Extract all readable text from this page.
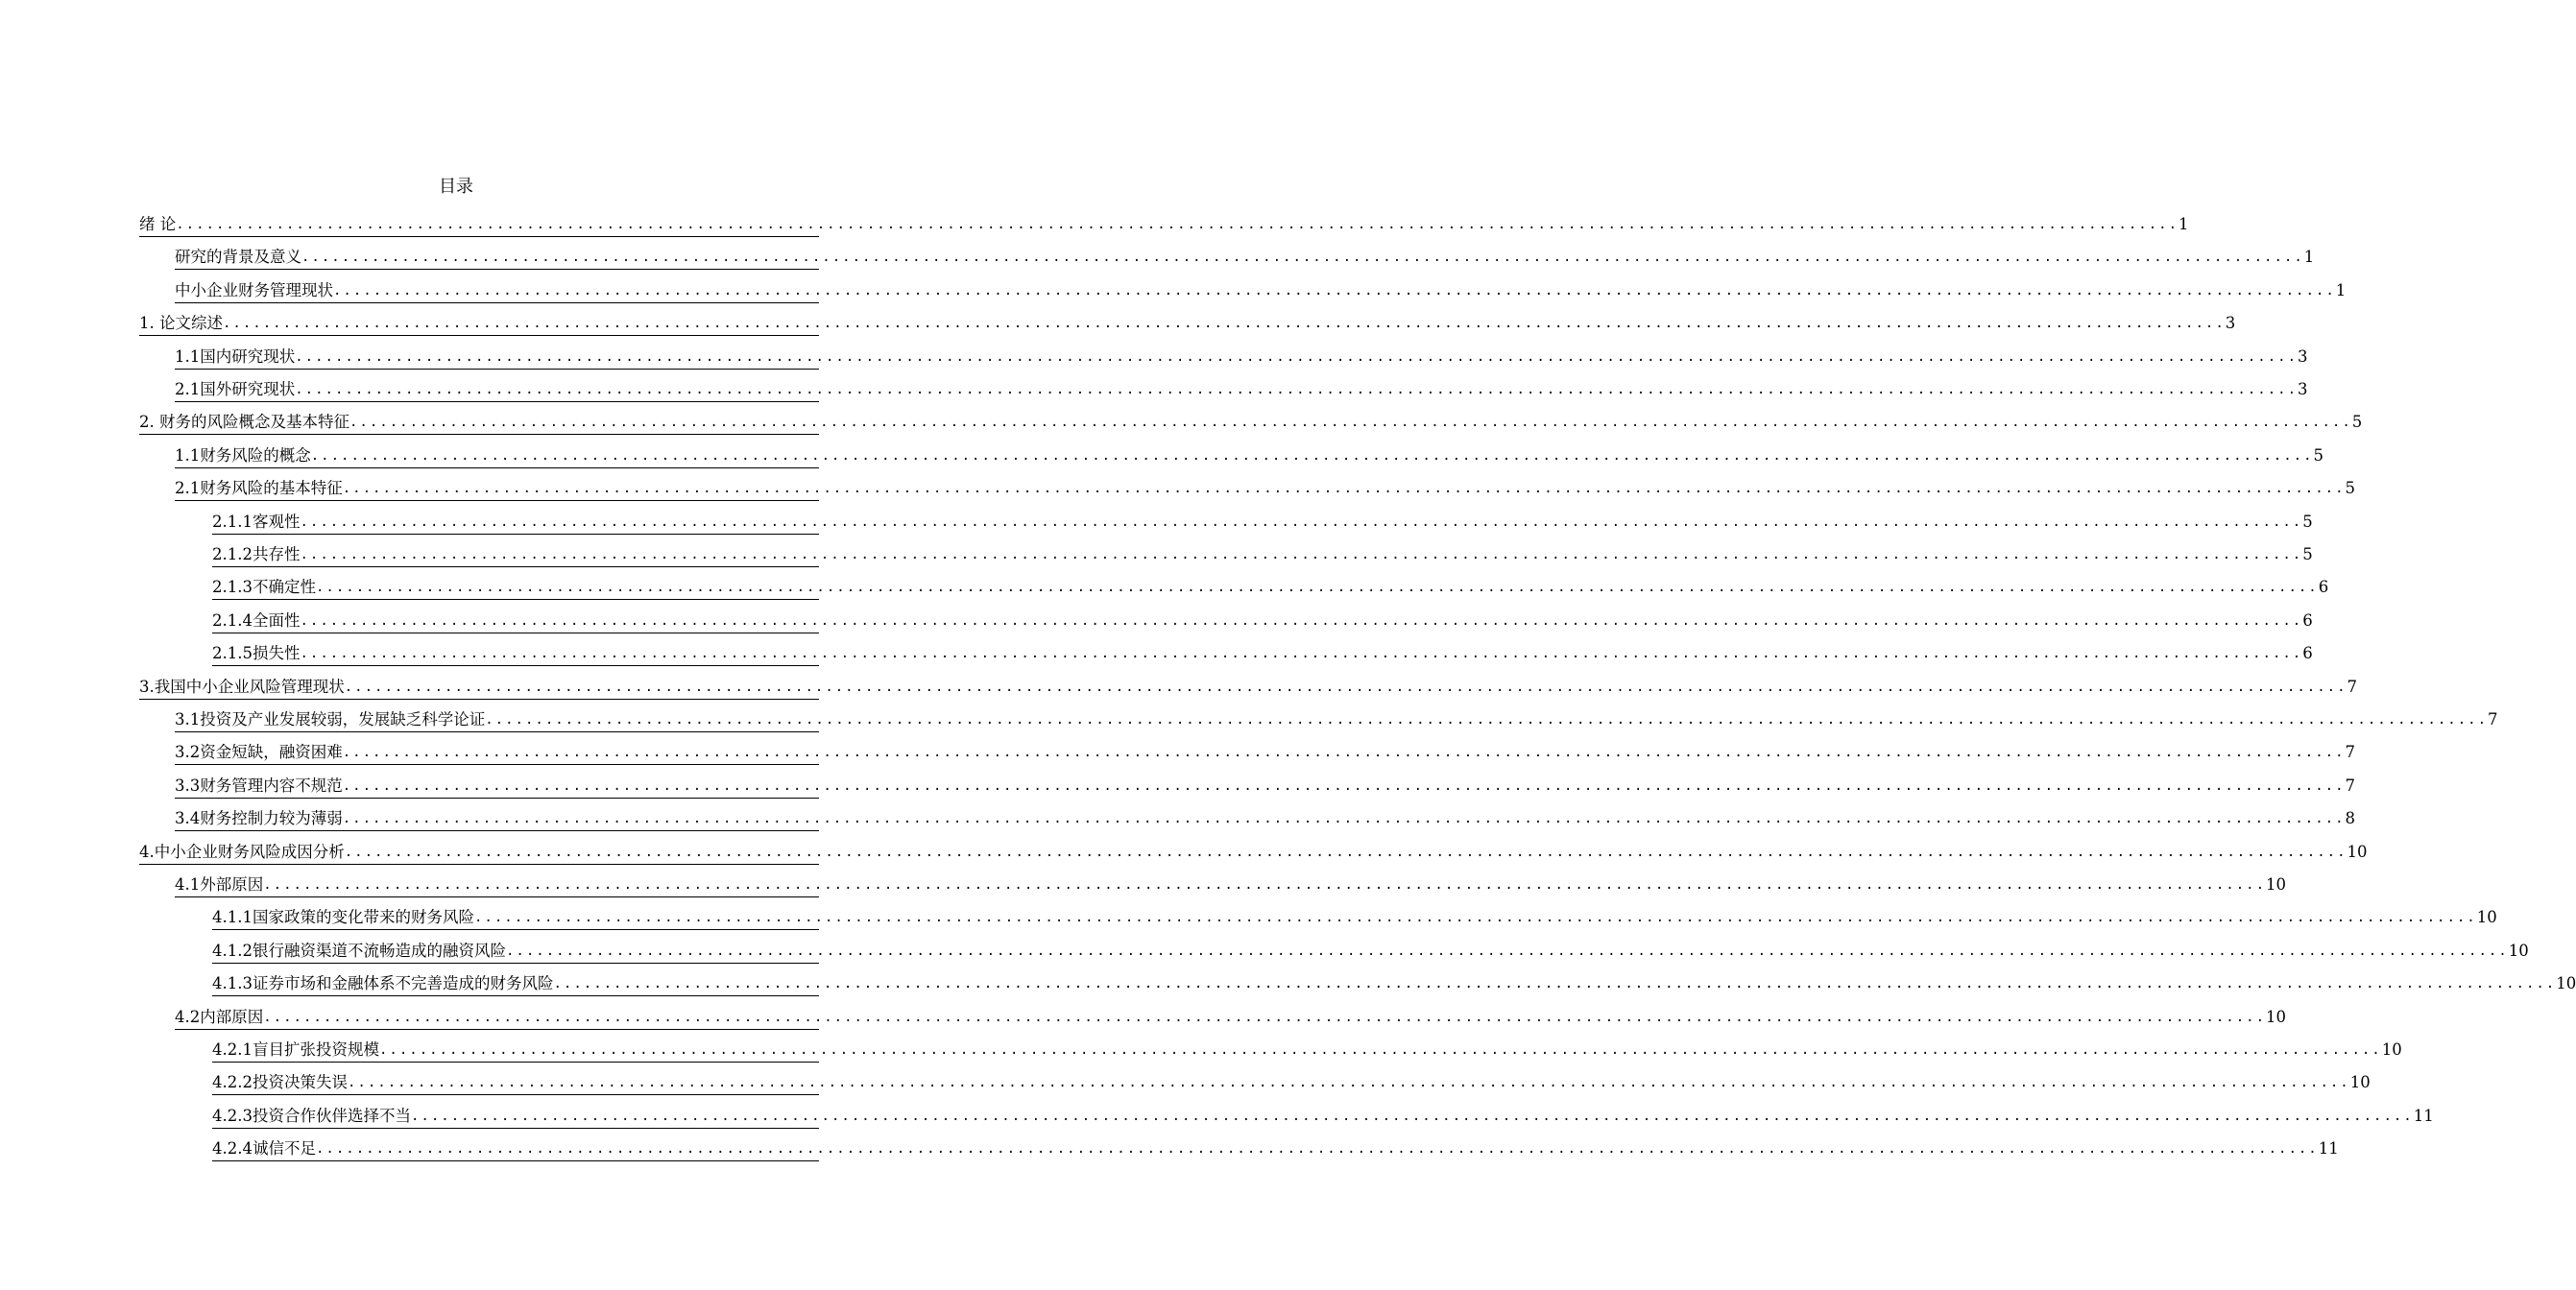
目录
绪 论 ........................................................................................................................................................................................................ 1
研究的背景及意义 ........................................................................................................................................................................................................ 1
中小企业财务管理现状 ........................................................................................................................................................................................................ 1
1. 论文综述 ........................................................................................................................................................................................................ 3
1.1国内研究现状 ........................................................................................................................................................................................................ 3
2.1国外研究现状 ........................................................................................................................................................................................................ 3
2. 财务的风险概念及基本特征 ........................................................................................................................................................................................................ 5
1.1财务风险的概念 ........................................................................................................................................................................................................ 5
2.1财务风险的基本特征 ........................................................................................................................................................................................................ 5
2.1.1客观性 ........................................................................................................................................................................................................ 5
2.1.2共存性 ........................................................................................................................................................................................................ 5
2.1.3不确定性 ........................................................................................................................................................................................................ 6
2.1.4全面性 ........................................................................................................................................................................................................ 6
2.1.5损失性 ........................................................................................................................................................................................................ 6
3.我国中小企业风险管理现状 ........................................................................................................................................................................................................ 7
3.1投资及产业发展较弱，发展缺乏科学论证 ........................................................................................................................................................................................................ 7
3.2资金短缺，融资困难 ........................................................................................................................................................................................................ 7
3.3财务管理内容不规范 ........................................................................................................................................................................................................ 7
3.4财务控制力较为薄弱 ........................................................................................................................................................................................................ 8
4.中小企业财务风险成因分析 ........................................................................................................................................................................................................ 10
4.1外部原因 ........................................................................................................................................................................................................ 10
4.1.1国家政策的变化带来的财务风险 ........................................................................................................................................................................................................ 10
4.1.2银行融资渠道不流畅造成的融资风险 ........................................................................................................................................................................................................ 10
4.1.3证券市场和金融体系不完善造成的财务风险 ........................................................................................................................................................................................................ 10
4.2内部原因 ........................................................................................................................................................................................................ 10
4.2.1盲目扩张投资规模 ........................................................................................................................................................................................................ 10
4.2.2投资决策失误 ........................................................................................................................................................................................................ 10
4.2.3投资合作伙伴选择不当 ........................................................................................................................................................................................................ 11
4.2.4诚信不足 ........................................................................................................................................................................................................ 11
